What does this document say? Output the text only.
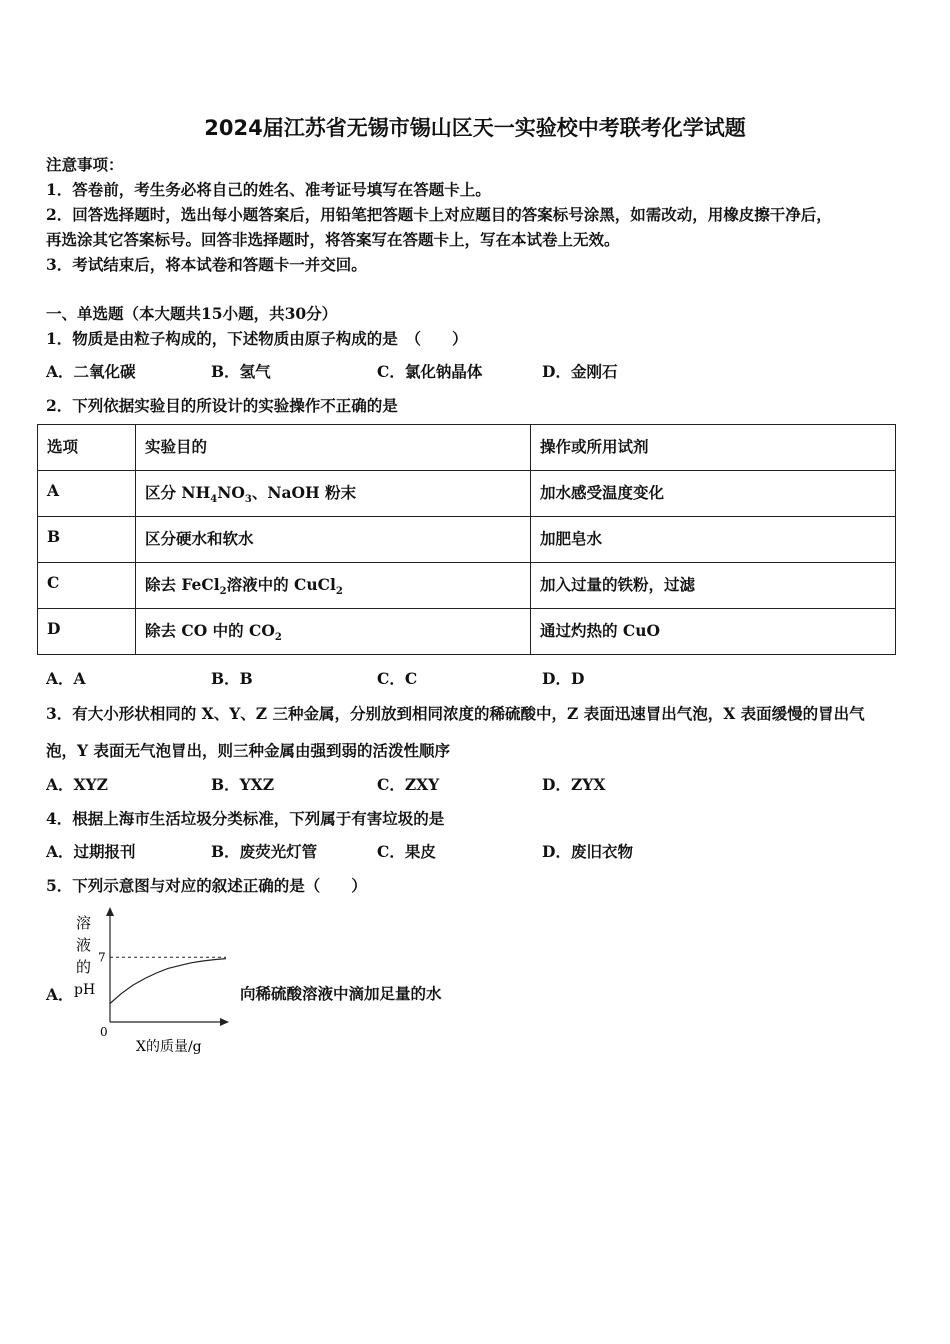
2024届江苏省无锡市锡山区天一实验校中考联考化学试题
注意事项：
1．答卷前，考生务必将自己的姓名、准考证号填写在答题卡上。
2．回答选择题时，选出每小题答案后，用铅笔把答题卡上对应题目的答案标号涂黑，如需改动，用橡皮擦干净后，
再选涂其它答案标号。回答非选择题时，将答案写在答题卡上，写在本试卷上无效。
3．考试结束后，将本试卷和答题卡一并交回。
一、单选题（本大题共15小题，共30分）
1．物质是由粒子构成的，下述物质由原子构成的是　（　　）
A．二氧化碳	B．氢气	C．氯化钠晶体	D．金刚石
2．下列依据实验目的所设计的实验操作不正确的是
选项	实验目的	操作或所用试剂
A	区分 $NH_4NO_3$、NaOH 粉末	加水感受温度变化
B	区分硬水和软水	加肥皂水
C	除去 FeCl$_2$溶液中的 CuCl$_2$	加入过量的铁粉，过滤
D	除去 CO 中的 $CO_2$	通过灼热的 CuO
A．A	B．B	C．C	D．D
3．有大小形状相同的 X、Y、Z 三种金属，分别放到相同浓度的稀硫酸中，Z 表面迅速冒出气泡，X 表面缓慢的冒出气
泡，Y 表面无气泡冒出，则三种金属由强到弱的活泼性顺序
A．XYZ	B．YXZ	C．ZXY	D．ZYX
4．根据上海市生活垃圾分类标准，下列属于有害垃圾的是
A．过期报刊	B．废荧光灯管	C．果皮	D．废旧衣物
5．下列示意图与对应的叙述正确的是（　　）
A．	向稀硫酸溶液中滴加足量的水
溶
液
的
pH
7
0
X的质量/g
